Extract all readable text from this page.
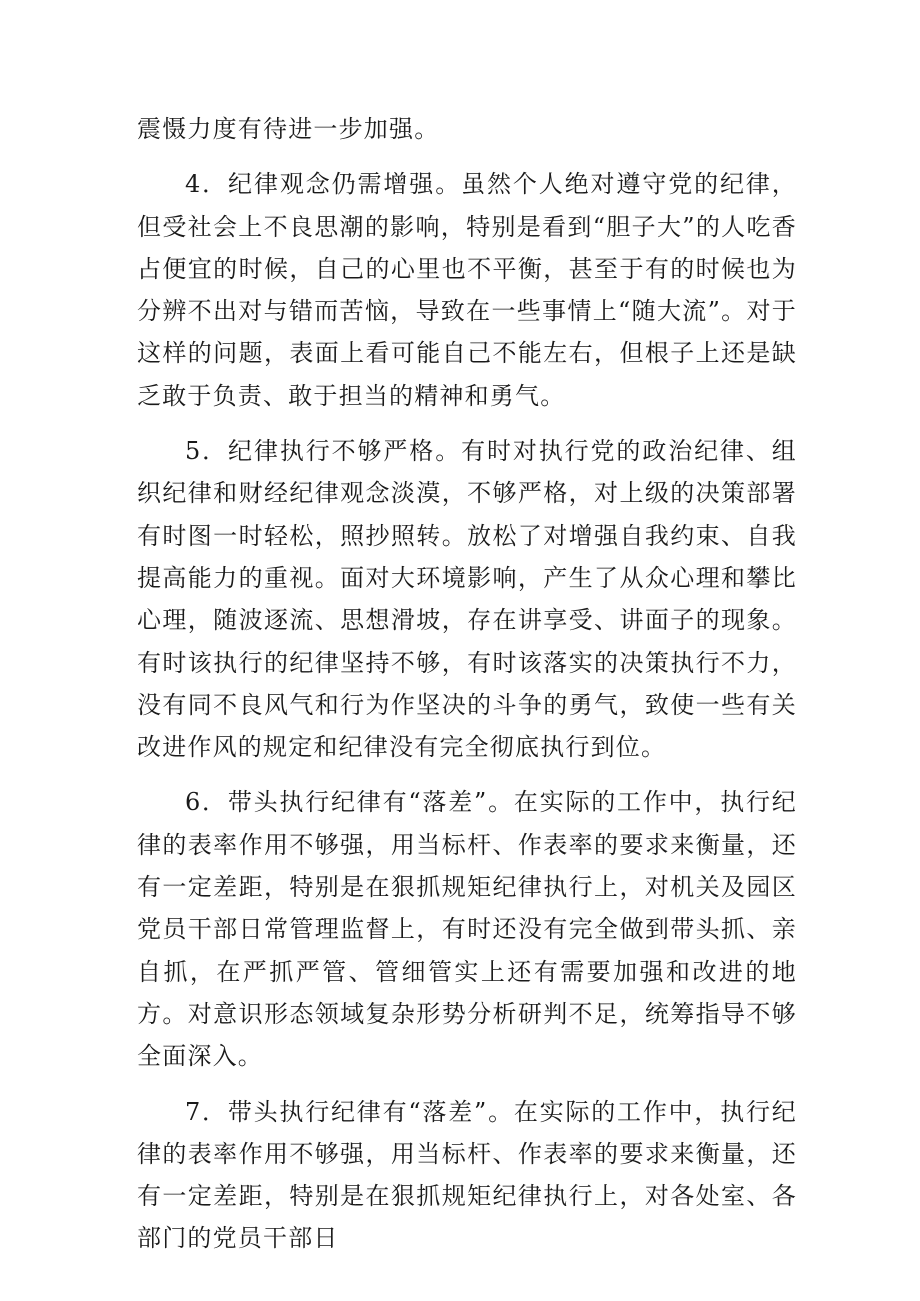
震慑力度有待进一步加强。

4．纪律观念仍需增强。虽然个人绝对遵守党的纪律，但受社会上不良思潮的影响，特别是看到“胆子大”的人吃香占便宜的时候，自己的心里也不平衡，甚至于有的时候也为分辨不出对与错而苦恼，导致在一些事情上“随大流”。对于这样的问题，表面上看可能自己不能左右，但根子上还是缺乏敢于负责、敢于担当的精神和勇气。

5．纪律执行不够严格。有时对执行党的政治纪律、组织纪律和财经纪律观念淡漠，不够严格，对上级的决策部署有时图一时轻松，照抄照转。放松了对增强自我约束、自我提高能力的重视。面对大环境影响，产生了从众心理和攀比心理，随波逐流、思想滑坡，存在讲享受、讲面子的现象。有时该执行的纪律坚持不够，有时该落实的决策执行不力，没有同不良风气和行为作坚决的斗争的勇气，致使一些有关改进作风的规定和纪律没有完全彻底执行到位。

6．带头执行纪律有“落差”。在实际的工作中，执行纪律的表率作用不够强，用当标杆、作表率的要求来衡量，还有一定差距，特别是在狠抓规矩纪律执行上，对机关及园区党员干部日常管理监督上，有时还没有完全做到带头抓、亲自抓，在严抓严管、管细管实上还有需要加强和改进的地方。对意识形态领域复杂形势分析研判不足，统筹指导不够全面深入。

7．带头执行纪律有“落差”。在实际的工作中，执行纪律的表率作用不够强，用当标杆、作表率的要求来衡量，还有一定差距，特别是在狠抓规矩纪律执行上，对各处室、各部门的党员干部日
